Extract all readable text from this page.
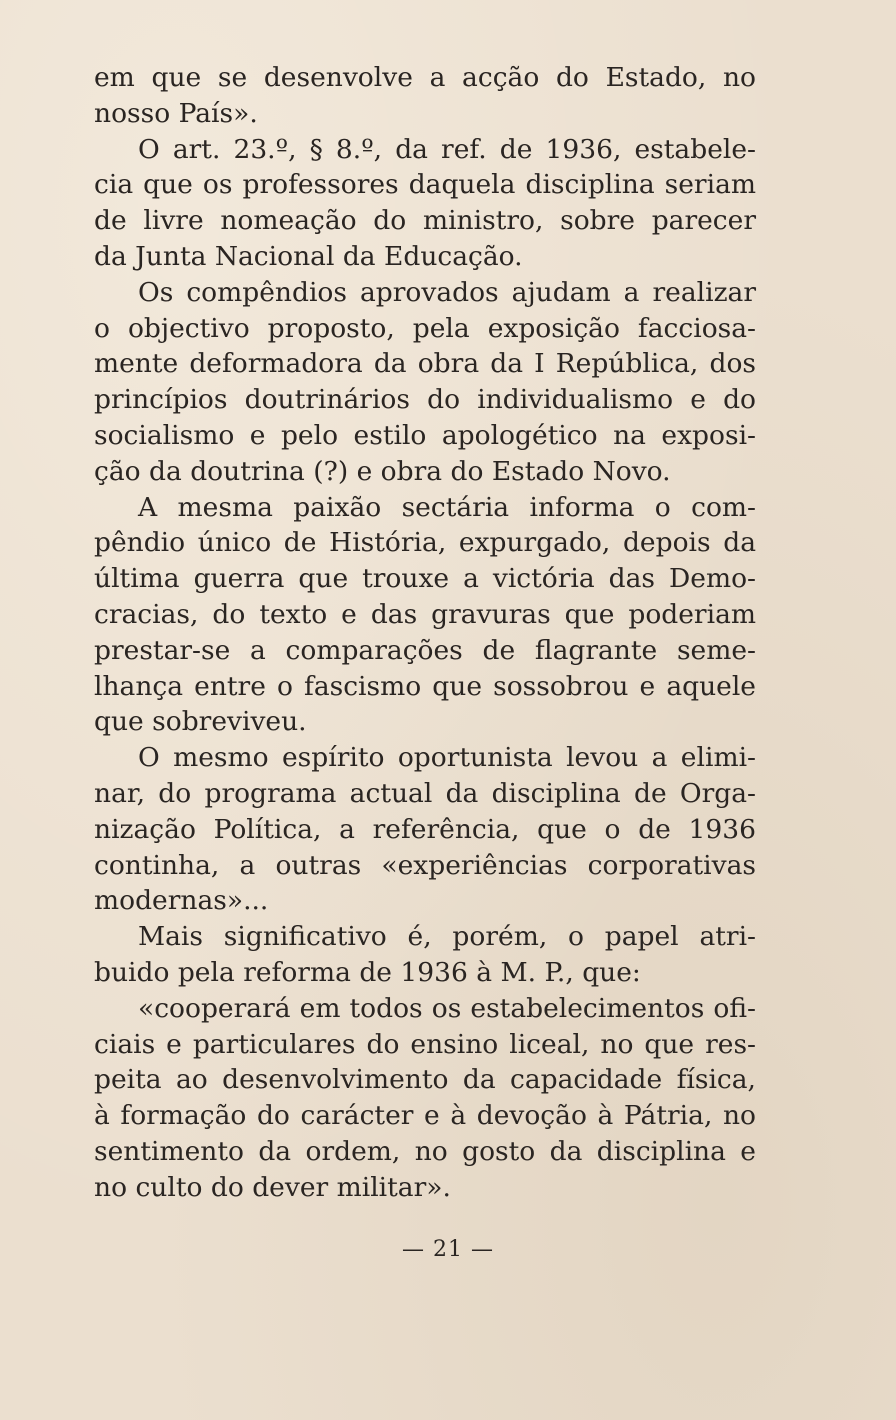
em que se desenvolve a acção do Estado, no
nosso País».
O art. 23.º, § 8.º, da ref. de 1936, estabele-
cia que os professores daquela disciplina seriam
de livre nomeação do ministro, sobre parecer
da Junta Nacional da Educação.
Os compêndios aprovados ajudam a realizar
o objectivo proposto, pela exposição facciosa-
mente deformadora da obra da I República, dos
princípios doutrinários do individualismo e do
socialismo e pelo estilo apologético na exposi-
ção da doutrina (?) e obra do Estado Novo.
A mesma paixão sectária informa o com-
pêndio único de História, expurgado, depois da
última guerra que trouxe a victória das Demo-
cracias, do texto e das gravuras que poderiam
prestar-se a comparações de flagrante seme-
lhança entre o fascismo que sossobrou e aquele
que sobreviveu.
O mesmo espírito oportunista levou a elimi-
nar, do programa actual da disciplina de Orga-
nização Política, a referência, que o de 1936
continha, a outras «experiências corporativas
modernas»...
Mais significativo é, porém, o papel atri-
buido pela reforma de 1936 à M. P., que:
«cooperará em todos os estabelecimentos ofi-
ciais e particulares do ensino liceal, no que res-
peita ao desenvolvimento da capacidade física,
à formação do carácter e à devoção à Pátria, no
sentimento da ordem, no gosto da disciplina e
no culto do dever militar».
— 21 —
